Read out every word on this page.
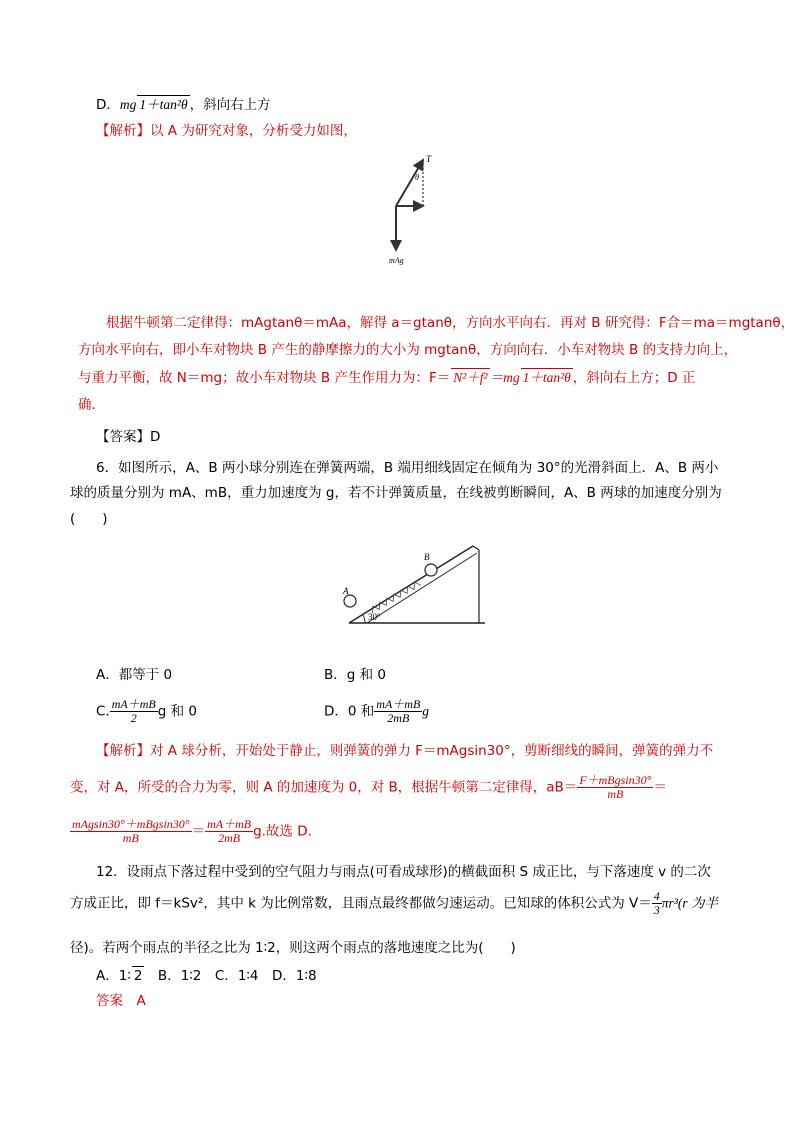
D．mg 1＋tan²θ ，斜向右上方
【解析】以 A 为研究对象，分析受力如图，
T
θ
mAg
根据牛顿第二定律得：mAgtanθ＝mAa，解得 a＝gtanθ，方向水平向右．再对 B 研究得：F合＝ma＝mgtanθ，
方向水平向右，即小车对物块 B 产生的静摩擦力的大小为 mgtanθ，方向向右．小车对物块 B 的支持力向上，
与重力平衡，故 N＝mg；故小车对物块 B 产生作用力为：F＝ N²＋f² ＝mg 1＋tan²θ ，斜向右上方；D 正
确．
【答案】D
6．如图所示，A、B 两小球分别连在弹簧两端，B 端用细线固定在倾角为 30°的光滑斜面上．A、B 两小
球的质量分别为 mA、mB，重力加速度为 g，若不计弹簧质量，在线被剪断瞬间，A、B 两球的加速度分别为
(　　)
30°
A
B
A．都等于 0	B．g 和 0
C. $\frac{mA+mB}{2}$ g 和 0	D．0 和 $\frac{mA+mB}{2mB}$ g
【解析】对 A 球分析，开始处于静止，则弹簧的弹力 F＝mAgsin30°，剪断细线的瞬间，弹簧的弹力不
变，对 A，所受的合力为零，则 A 的加速度为 0，对 B，根据牛顿第二定律得，$aB= \frac{\text{F＋mBgsin30°}}{mB}$ ＝
$\frac{\text{mAgsin30°＋mBgsin30°}}{mB} = \frac{mA+mB}{2mB} g$.故选 D.
12．设雨点下落过程中受到的空气阻力与雨点(可看成球形)的横截面积 S 成正比，与下落速度 v 的二次
方成正比，即 f＝kSv²，其中 k 为比例常数，且雨点最终都做匀速运动。已知球的体积公式为 $V= \frac{4}{3} \pi r^3(r$ 为半
径)。若两个雨点的半径之比为 1∶2，则这两个雨点的落地速度之比为(　　)
A．1∶ 2　B．1∶2　C．1∶4　D．1∶8
答案　A
